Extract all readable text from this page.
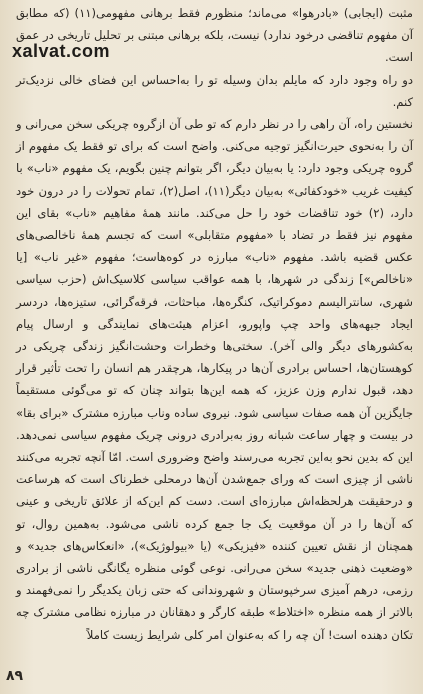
xalvat.com

مثبت (ایجابی) «بادرهوا» می‌ماند؛ منظورم فقط برهانی مفهومی(۱۱) (که مطابق آن مفهوم تناقضی درخود ندارد) نیست، بلکه برهانی مبتنی بر تحلیل تاریخی در عمق است.

دو راه وجود دارد که مایلم بدان وسیله تو را به‌احساس این فضای خالی نزدیک‌تر کنم.

نخستین راه، آن راهی را در نظر دارم که تو طی آن ازگروه چریکی سخن می‌رانی و آن را به‌نحوی حیرت‌انگیز توجیه می‌کنی. واضح است که برای تو فقط یک مفهوم از گروه چریکی وجود دارد: یا به‌بیان دیگر، اگر بتوانم چنین بگویم، یک مفهوم «ناب» با کیفیت غریب «خودکفائی» به‌بیان دیگر(۱۱)، اصل(۲)، تمام تحولات را در درون خود دارد، (۲) خود تناقضات خود را حل می‌کند. مانند همهٔ مفاهیم «ناب» بقای این مفهوم نیز فقط در تضاد با «مفهوم متقابلی» است که تجسم همهٔ ناخالصی‌های عکس قضیه باشد. مفهوم «ناب» مبارزه در کوه‌هاست؛ مفهوم «غیر ناب» [یا «ناخالص»] زندگی در شهرها، با همه عواقب سیاسی کلاسیک‌اش (حزب سیاسی شهری، سانترالیسم دموکراتیک، کنگره‌ها، مباحثات، فرقه‌گرائی، ستیزه‌ها، دردسر ایجاد جبهه‌های واحد چپ واپورو، اعزام هیئت‌های نمایندگی و ارسال پیام به‌کشورهای دیگر والی آخر). سختی‌ها وخطرات وحشت‌انگیز زندگی چریکی در کوهستان‌ها، احساس برادری آن‌ها در پیکارها، هرچقدر هم انسان را تحت تأثیر قرار دهد، قبول ندارم وزن عزیز، که همه این‌ها بتواند چنان که تو می‌گوئی مستقیماً جایگزین آن همه صفات سیاسی شود. نیروی ساده وناب مبارزه مشترک «برای بقا» در بیست و چهار ساعت شبانه روز به‌برادری درونی چریک مفهوم سیاسی نمی‌دهد. این که بدین نحو به‌این تجربه می‌رسند واضح وضروری است. امّا آنچه تجربه می‌کنند ناشی از چیزی است که ورای جمع‌شدن آن‌ها درمحلی خطرناک است که هرساعت و درحقیقت هرلحظه‌اش مبارزه‌ای است. دست کم این‌که از علائق تاریخی و عینی که آن‌ها را در آن موقعیت یک جا جمع کرده ناشی می‌شود. به‌همین روال، تو همچنان از نقش تعیین کننده «فیزیکی» (یا «بیولوژیک»)، «انعکاس‌های جدید» و «وضعیت ذهنی جدید» سخن می‌رانی. نوعی گوئی منظره یگانگی ناشی از برادری رزمی، درهم آمیزی سرخپوستان و شهروندانی که حتی زبان یکدیگر را نمی‌فهمند و بالاتر از همه منظره «اختلاط» طبقه کارگر و دهقانان در مبارزه نظامی مشترک چه تکان دهنده است! آن چه را که به‌عنوان امر کلی شرایط زیست کاملاً

۸۹
